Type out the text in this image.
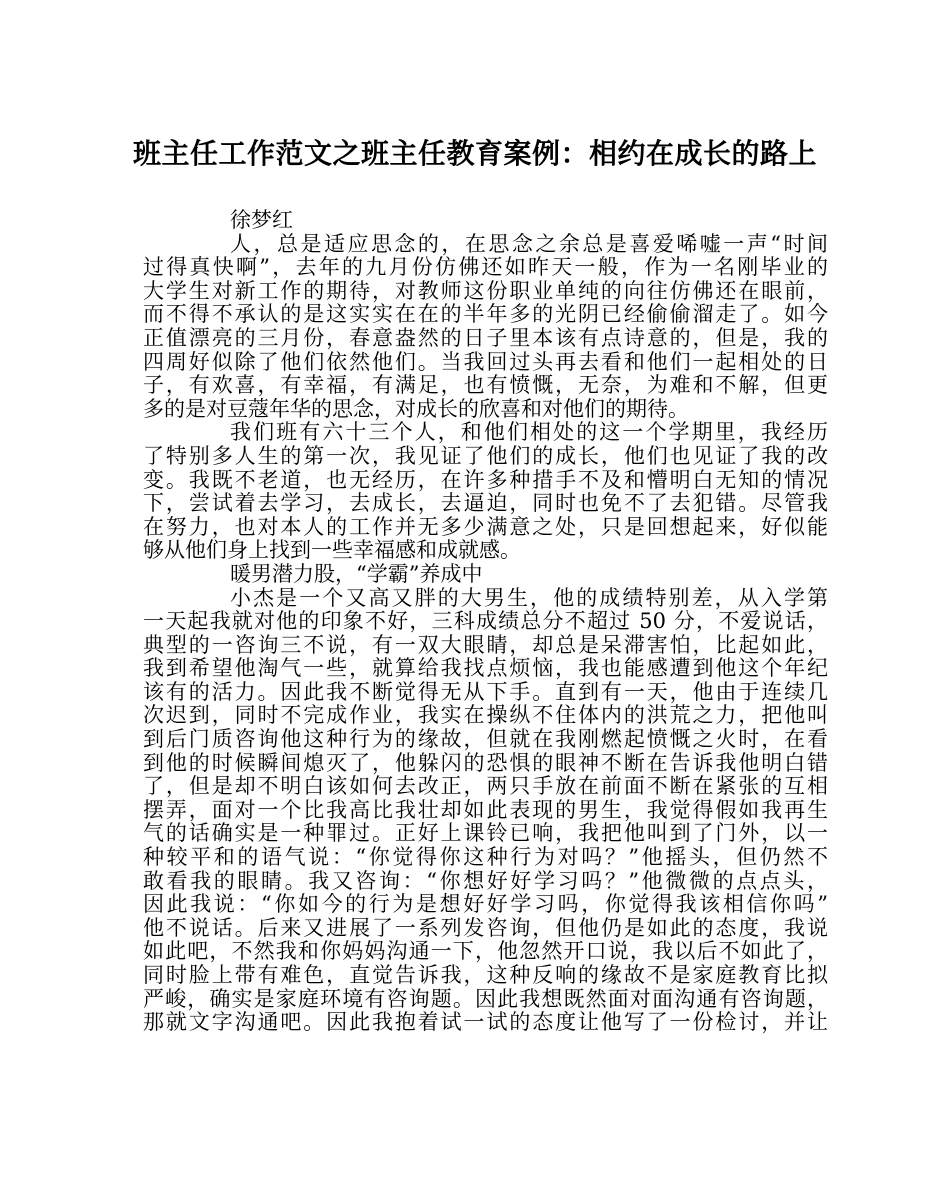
班主任工作范文之班主任教育案例：相约在成长的路上
徐梦红
人，总是适应思念的，在思念之余总是喜爱唏嘘一声“时间
过得真快啊”，去年的九月份仿佛还如昨天一般，作为一名刚毕业的
大学生对新工作的期待，对教师这份职业单纯的向往仿佛还在眼前，
而不得不承认的是这实实在在的半年多的光阴已经偷偷溜走了。如今
正值漂亮的三月份，春意盎然的日子里本该有点诗意的，但是，我的
四周好似除了他们依然他们。当我回过头再去看和他们一起相处的日
子，有欢喜，有幸福，有满足，也有愤慨，无奈，为难和不解，但更
多的是对豆蔻年华的思念，对成长的欣喜和对他们的期待。
我们班有六十三个人，和他们相处的这一个学期里，我经历
了特别多人生的第一次，我见证了他们的成长，他们也见证了我的改
变。我既不老道，也无经历，在许多种措手不及和懵明白无知的情况
下，尝试着去学习，去成长，去逼迫，同时也免不了去犯错。尽管我
在努力，也对本人的工作并无多少满意之处，只是回想起来，好似能
够从他们身上找到一些幸福感和成就感。
暖男潜力股，“学霸”养成中
小杰是一个又高又胖的大男生，他的成绩特别差，从入学第
一天起我就对他的印象不好，三科成绩总分不超过 50 分，不爱说话，
典型的一咨询三不说，有一双大眼睛，却总是呆滞害怕，比起如此，
我到希望他淘气一些，就算给我找点烦恼，我也能感遭到他这个年纪
该有的活力。因此我不断觉得无从下手。直到有一天，他由于连续几
次迟到，同时不完成作业，我实在操纵不住体内的洪荒之力，把他叫
到后门质咨询他这种行为的缘故，但就在我刚燃起愤慨之火时，在看
到他的时候瞬间熄灭了，他躲闪的恐惧的眼神不断在告诉我他明白错
了，但是却不明白该如何去改正，两只手放在前面不断在紧张的互相
摆弄，面对一个比我高比我壮却如此表现的男生，我觉得假如我再生
气的话确实是一种罪过。正好上课铃已响，我把他叫到了门外，以一
种较平和的语气说：“你觉得你这种行为对吗？”他摇头，但仍然不
敢看我的眼睛。我又咨询：“你想好好学习吗？”他微微的点点头，
因此我说：“你如今的行为是想好好学习吗，你觉得我该相信你吗”
他不说话。后来又进展了一系列发咨询，但他仍是如此的态度，我说
如此吧，不然我和你妈妈沟通一下，他忽然开口说，我以后不如此了，
同时脸上带有难色，直觉告诉我，这种反响的缘故不是家庭教育比拟
严峻，确实是家庭环境有咨询题。因此我想既然面对面沟通有咨询题，
那就文字沟通吧。因此我抱着试一试的态度让他写了一份检讨，并让
